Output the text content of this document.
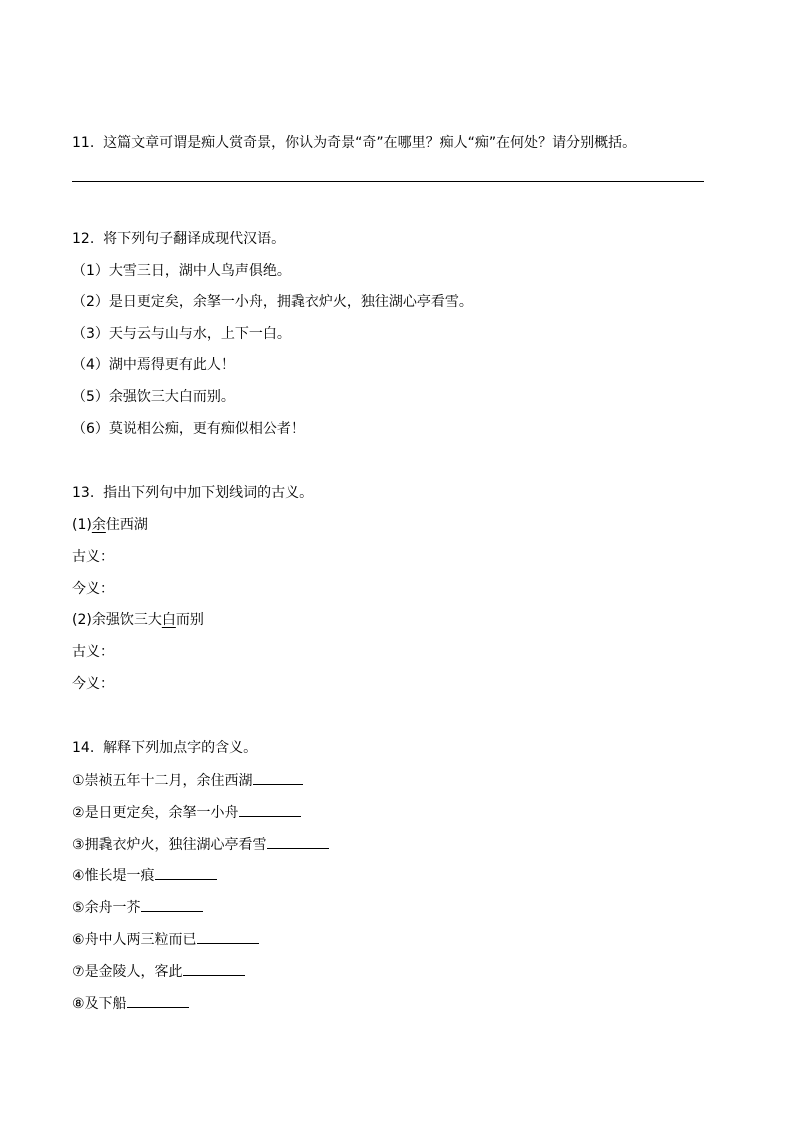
11. 这篇文章可谓是痴人赏奇景，你认为奇景“奇”在哪里？痴人“痴”在何处？请分别概括。
12. 将下列句子翻译成现代汉语。
（1）大雪三日，湖中人鸟声俱绝。
（2）是日更定矣，余拏一小舟，拥毳衣炉火，独往湖心亭看雪。
（3）天与云与山与水，上下一白。
（4）湖中焉得更有此人！
（5）余强饮三大白而别。
（6）莫说相公痴，更有痴似相公者！
13. 指出下列句中加下划线词的古义。
(1)余住西湖
古义：
今义：
(2)余强饮三大白而别
古义：
今义：
14. 解释下列加点字的含义。
①崇祯五年十二月，余住西湖
②是日更定矣，余拏一小舟
③拥毳衣炉火，独往湖心亭看雪
④惟长堤一痕
⑤余舟一芥
⑥舟中人两三粒而已
⑦是金陵人，客此
⑧及下船
